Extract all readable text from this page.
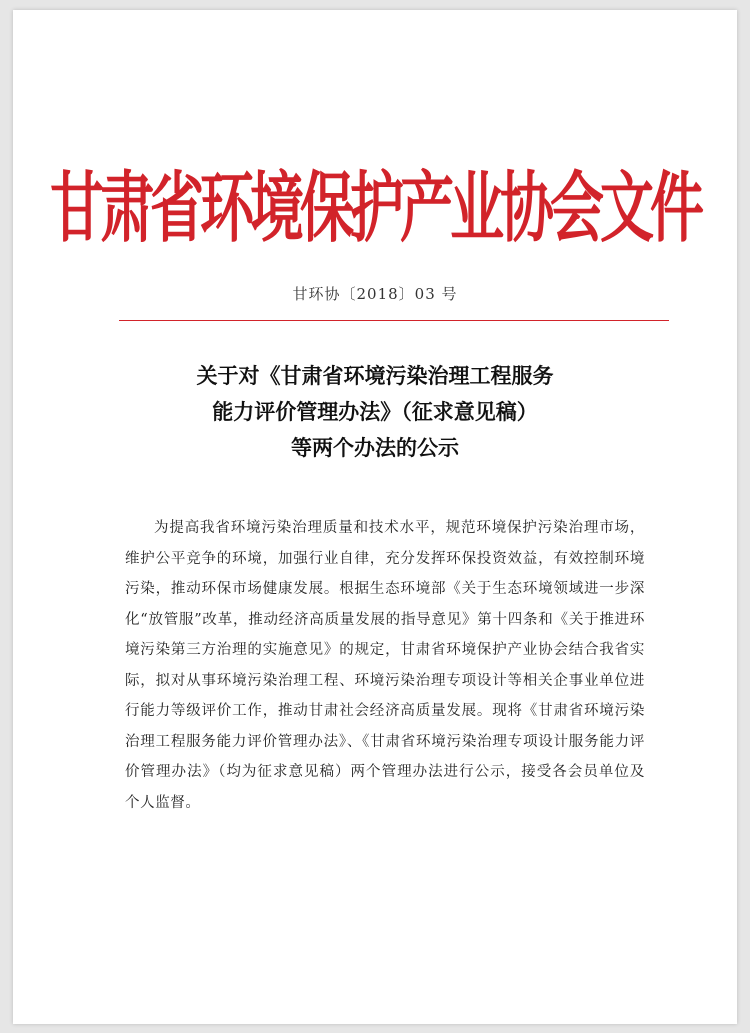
甘肃省环境保护产业协会文件
甘环协〔2018〕03 号
关于对《甘肃省环境污染治理工程服务
能力评价管理办法》（征求意见稿）
等两个办法的公示

为提高我省环境污染治理质量和技术水平，规范环境保护污染治理市场，维护公平竞争的环境，加强行业自律，充分发挥环保投资效益，有效控制环境污染，推动环保市场健康发展。根据生态环境部《关于生态环境领域进一步深化“放管服”改革，推动经济高质量发展的指导意见》第十四条和《关于推进环境污染第三方治理的实施意见》的规定，甘肃省环境保护产业协会结合我省实际，拟对从事环境污染治理工程、环境污染治理专项设计等相关企事业单位进行能力等级评价工作，推动甘肃社会经济高质量发展。现将《甘肃省环境污染治理工程服务能力评价管理办法》、《甘肃省环境污染治理专项设计服务能力评价管理办法》（均为征求意见稿）两个管理办法进行公示，接受各会员单位及个人监督。
